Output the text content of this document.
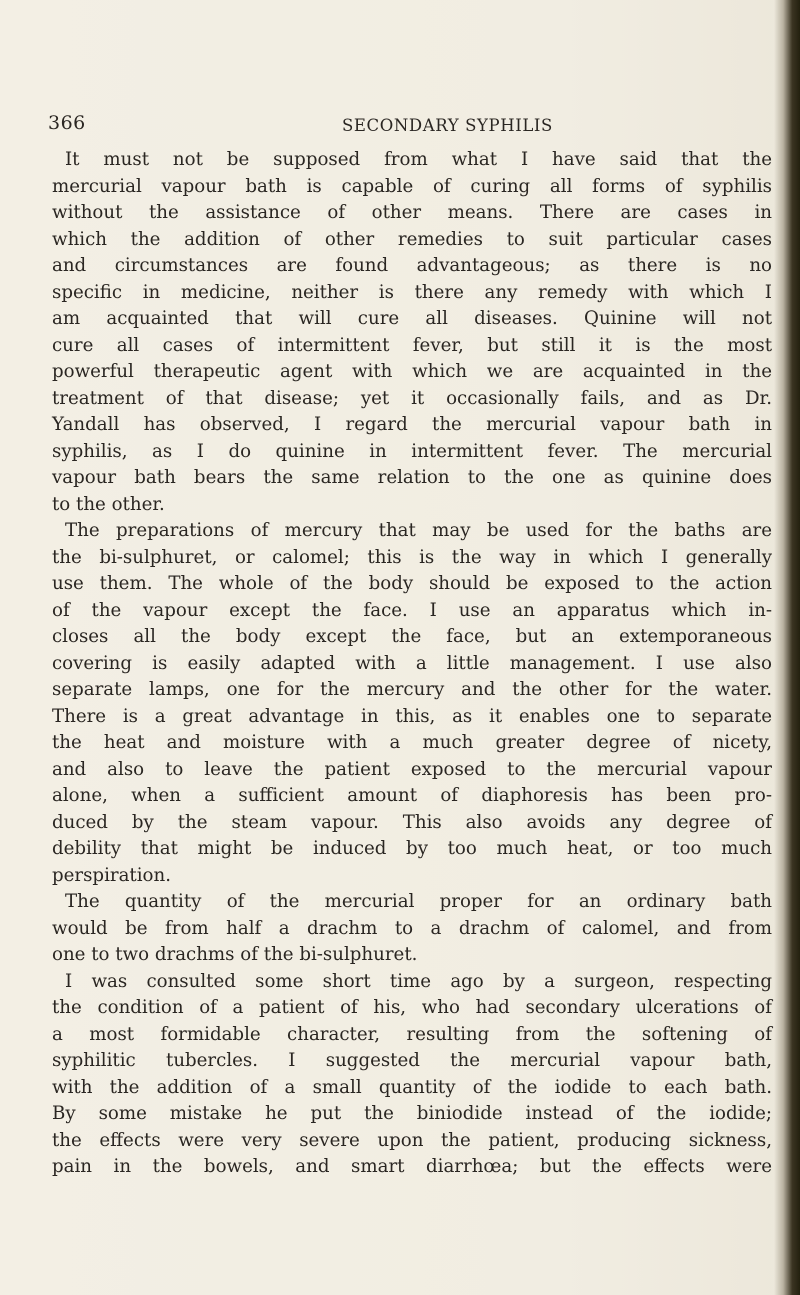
366	SECONDARY SYPHILIS
It must not be supposed from what I have said that the
mercurial vapour bath is capable of curing all forms of syphilis
without the assistance of other means. There are cases in
which the addition of other remedies to suit particular cases
and circumstances are found advantageous; as there is no
specific in medicine, neither is there any remedy with which I
am acquainted that will cure all diseases. Quinine will not
cure all cases of intermittent fever, but still it is the most
powerful therapeutic agent with which we are acquainted in the
treatment of that disease; yet it occasionally fails, and as Dr.
Yandall has observed, I regard the mercurial vapour bath in
syphilis, as I do quinine in intermittent fever. The mercurial
vapour bath bears the same relation to the one as quinine does
to the other.
The preparations of mercury that may be used for the baths are
the bi-sulphuret, or calomel; this is the way in which I generally
use them. The whole of the body should be exposed to the action
of the vapour except the face. I use an apparatus which in-
closes all the body except the face, but an extemporaneous
covering is easily adapted with a little management. I use also
separate lamps, one for the mercury and the other for the water.
There is a great advantage in this, as it enables one to separate
the heat and moisture with a much greater degree of nicety,
and also to leave the patient exposed to the mercurial vapour
alone, when a sufficient amount of diaphoresis has been pro-
duced by the steam vapour. This also avoids any degree of
debility that might be induced by too much heat, or too much
perspiration.
The quantity of the mercurial proper for an ordinary bath
would be from half a drachm to a drachm of calomel, and from
one to two drachms of the bi-sulphuret.
I was consulted some short time ago by a surgeon, respecting
the condition of a patient of his, who had secondary ulcerations of
a most formidable character, resulting from the softening of
syphilitic tubercles. I suggested the mercurial vapour bath,
with the addition of a small quantity of the iodide to each bath.
By some mistake he put the biniodide instead of the iodide;
the effects were very severe upon the patient, producing sickness,
pain in the bowels, and smart diarrhœa; but the effects were
